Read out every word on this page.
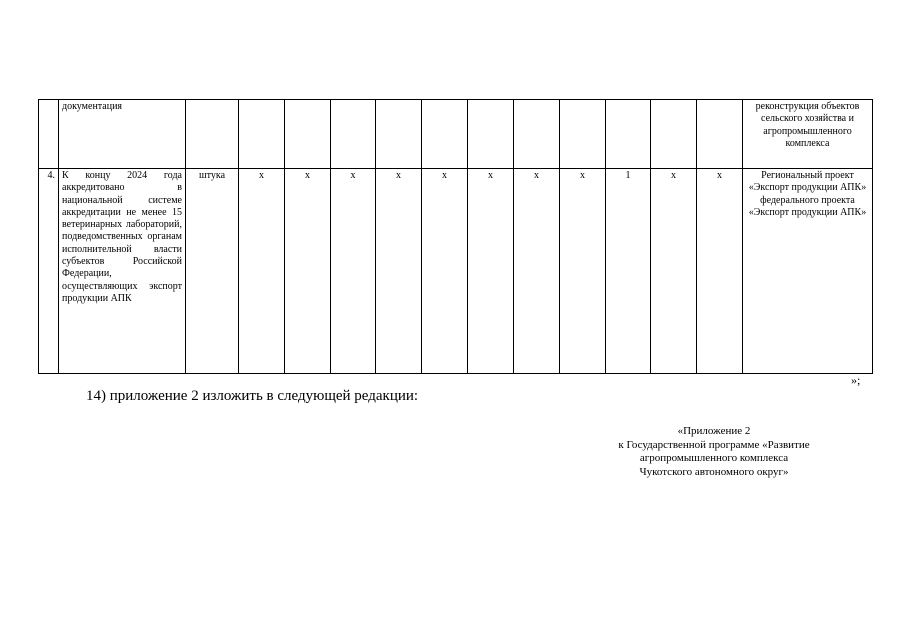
	документация													реконструкция объектов сельского хозяйства и агропромышленного комплекса
4.	К концу 2024 года аккредитовано в национальной системе аккредитации не менее 15 ветеринарных лабораторий, подведомственных органам исполнительной власти субъектов Российской Федерации, осуществляющих экспорт продукции АПК	штука	х	х	х	х	х	х	х	х	1	х	х	Региональный проект «Экспорт продукции АПК» федерального проекта «Экспорт продукции АПК»
»;
14) приложение 2 изложить в следующей редакции:
«Приложение 2
к Государственной программе «Развитие
агропромышленного комплекса
Чукотского автономного округ»
